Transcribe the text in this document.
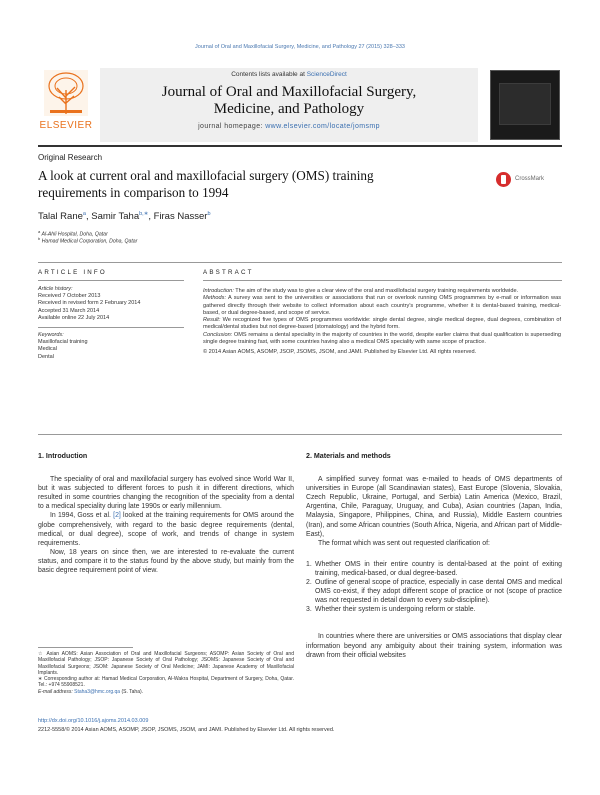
Journal of Oral and Maxillofacial Surgery, Medicine, and Pathology 27 (2015) 328–333
ELSEVIER
Contents lists available at ScienceDirect
Journal of Oral and Maxillofacial Surgery,
Medicine, and Pathology
journal homepage: www.elsevier.com/locate/jomsmp
Original Research
A look at current oral and maxillofacial surgery (OMS) training
requirements in comparison to 1994
CrossMark
Talal Rane$^a$, Samir Taha$^{b,∗}$, Firas Nasser$^b$
$^a$ Al-Ahli Hospital, Doha, Qatar
$^b$ Hamad Medical Corporation, Doha, Qatar
ARTICLE INFO	ABSTRACT
Article history:
Received 7 October 2013
Received in revised form 2 February 2014
Accepted 31 March 2014
Available online 22 July 2014
Keywords:
Maxillofacial training
Medical
Dental

Introduction: The aim of the study was to give a clear view of the oral and maxillofacial surgery training requirements worldwide.

Methods: A survey was sent to the universities or associations that run or overlook running OMS programmes by e-mail or information was gathered directly through their website to collect information about each country's programme, whether it is dental-based training, medical-based, or dual degree-based, and scope of service.

Result: We recognized five types of OMS programmes worldwide: single dental degree, single medical degree, dual degrees, combination of medical/dental studies but not degree-based (stomatology) and the hybrid form.

Conclusion: OMS remains a dental speciality in the majority of countries in the world, despite earlier claims that dual qualification is superseding single degree training fast, with some countries having also a medical OMS speciality with same scope of practice.

© 2014 Asian AOMS, ASOMP, JSOP, JSOMS, JSOM, and JAMI. Published by Elsevier Ltd. All rights reserved.

1. Introduction

The speciality of oral and maxillofacial surgery has evolved since World War II, but it was subjected to different forces to push it in different directions, which resulted in some countries changing the recognition of the speciality from a dental to a medical speciality during late 1990s or early millennium.

In 1994, Goss et al. [2] looked at the training requirements for OMS around the globe comprehensively, with regard to the basic degree requirements (dental, medical, or dual degree), scope of work, and trends of change in system requirements.

Now, 18 years on since then, we are interested to re-evaluate the current status, and compare it to the status found by the above study, but mainly from the basic degree requirement point of view.

2. Materials and methods

A simplified survey format was e-mailed to heads of OMS departments of universities in Europe (all Scandinavian states), East Europe (Slovenia, Slovakia, Czech Republic, Ukraine, Portugal, and Serbia) Latin America (Mexico, Brazil, Argentina, Chile, Paraguay, Uruguay, and Cuba), Asian countries (Japan, India, Malaysia, Singapore, Philippines, China, and Russia), Middle Eastern countries (Iran), and some African countries (South Africa, Nigeria, and African part of Middle-East),

The format which was sent out requested clarification of:

1. Whether OMS in their entire country is dental-based at the point of exiting training, medical-based, or dual degree-based.
2. Outline of general scope of practice, especially in case dental OMS and medical OMS co-exist, if they adopt different scope of practice or not (scope of practice was not requested in detail down to every sub-discipline).
3. Whether their system is undergoing reform or stable.

In countries where there are universities or OMS associations that display clear information beyond any ambiguity about their training system, information was drawn from their official websites

☆ Asian AOMS: Asian Association of Oral and Maxillofacial Surgeons; ASOMP: Asian Society of Oral and Maxillofacial Pathology; JSOP: Japanese Society of Oral Pathology; JSOMS: Japanese Society of Oral and Maxillofacial Surgeons; JSOM: Japanese Society of Oral Medicine; JAMI: Japanese Academy of Maxillofacial Implants.
∗ Corresponding author at: Hamad Medical Corporation, Al-Wakra Hospital, Department of Surgery, Doha, Qatar. Tel.: +974 55908521.
E-mail address: Staha3@hmc.org.qa (S. Taha).
http://dx.doi.org/10.1016/j.ajoms.2014.03.009
2212-5558/© 2014 Asian AOMS, ASOMP, JSOP, JSOMS, JSOM, and JAMI. Published by Elsevier Ltd. All rights reserved.
